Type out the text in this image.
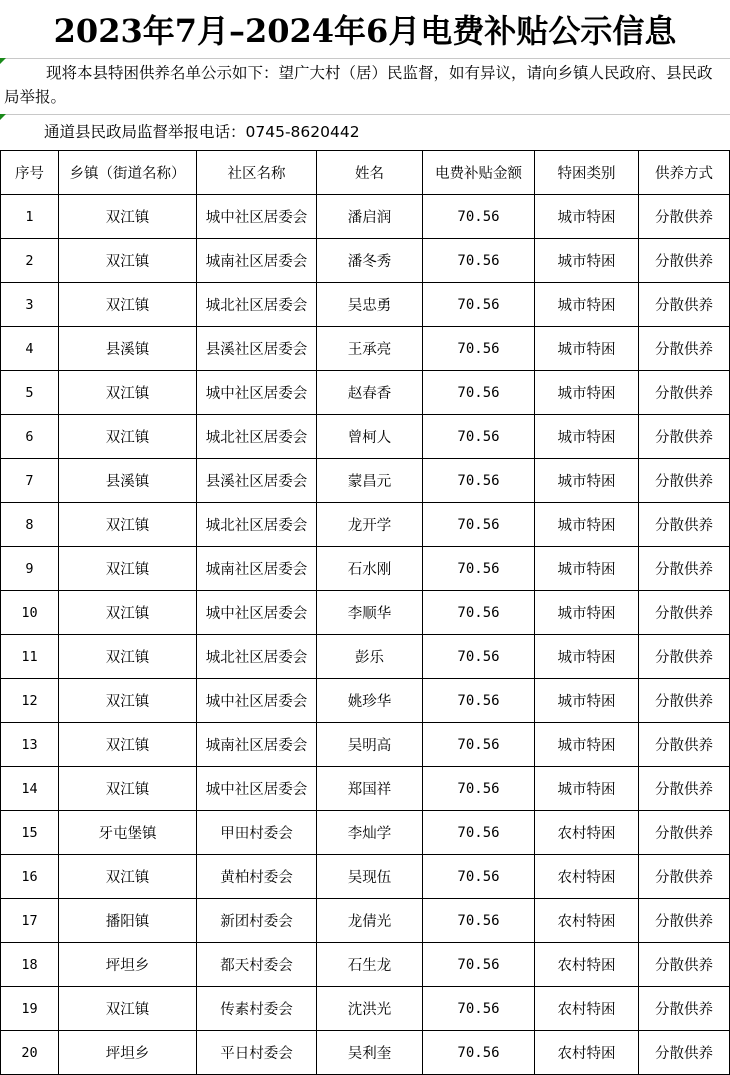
2023年7月–2024年6月电费补贴公示信息
现将本县特困供养名单公示如下：望广大村（居）民监督，如有异议，请向乡镇人民政府、县民政局举报。
通道县民政局监督举报电话：0745-8620442
序号	乡镇（街道名称）	社区名称	姓名	电费补贴金额	特困类别	供养方式
1	双江镇	城中社区居委会	潘启润	70.56	城市特困	分散供养
2	双江镇	城南社区居委会	潘冬秀	70.56	城市特困	分散供养
3	双江镇	城北社区居委会	吴忠勇	70.56	城市特困	分散供养
4	县溪镇	县溪社区居委会	王承亮	70.56	城市特困	分散供养
5	双江镇	城中社区居委会	赵春香	70.56	城市特困	分散供养
6	双江镇	城北社区居委会	曾柯人	70.56	城市特困	分散供养
7	县溪镇	县溪社区居委会	蒙昌元	70.56	城市特困	分散供养
8	双江镇	城北社区居委会	龙开学	70.56	城市特困	分散供养
9	双江镇	城南社区居委会	石水刚	70.56	城市特困	分散供养
10	双江镇	城中社区居委会	李顺华	70.56	城市特困	分散供养
11	双江镇	城北社区居委会	彭乐	70.56	城市特困	分散供养
12	双江镇	城中社区居委会	姚珍华	70.56	城市特困	分散供养
13	双江镇	城南社区居委会	吴明高	70.56	城市特困	分散供养
14	双江镇	城中社区居委会	郑国祥	70.56	城市特困	分散供养
15	牙屯堡镇	甲田村委会	李灿学	70.56	农村特困	分散供养
16	双江镇	黄柏村委会	吴现伍	70.56	农村特困	分散供养
17	播阳镇	新团村委会	龙倩光	70.56	农村特困	分散供养
18	坪坦乡	都天村委会	石生龙	70.56	农村特困	分散供养
19	双江镇	传素村委会	沈洪光	70.56	农村特困	分散供养
20	坪坦乡	平日村委会	吴利奎	70.56	农村特困	分散供养
